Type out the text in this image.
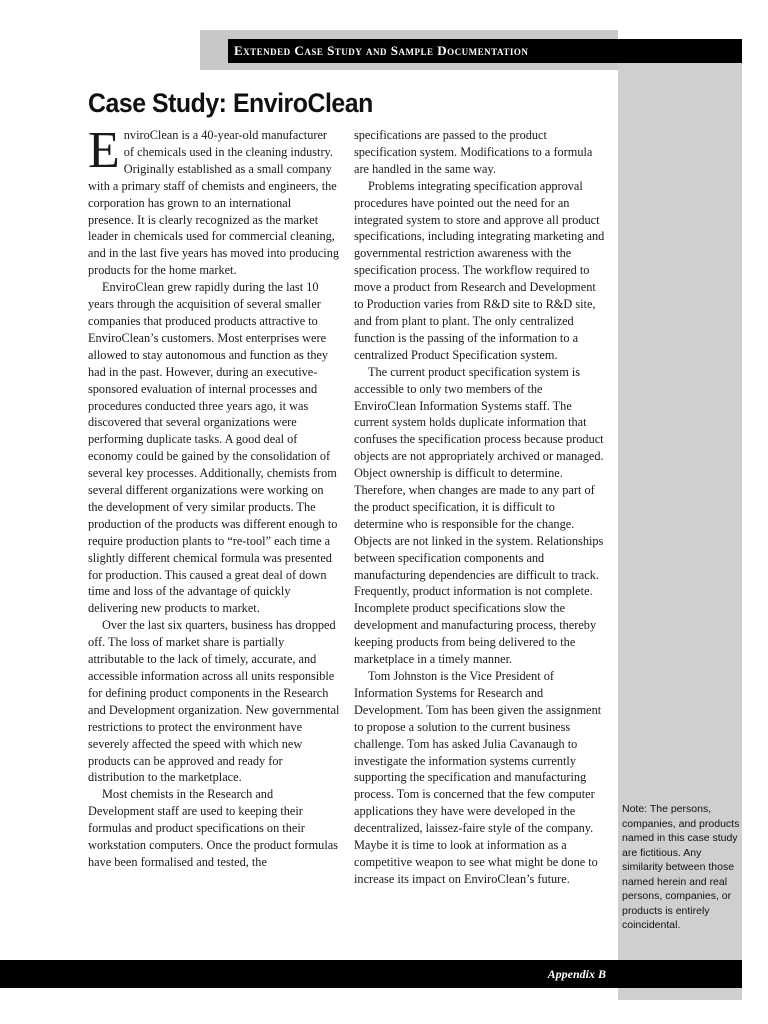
Extended Case Study and Sample Documentation
Note: The persons, companies, and products named in this case study are fictitious. Any similarity between those named herein and real persons, companies, or products is entirely coincidental.
Case Study: EnviroClean

EnviroClean is a 40-year-old manufacturer of chemicals used in the cleaning industry. Originally established as a small company with a primary staff of chemists and engineers, the corporation has grown to an international presence. It is clearly recognized as the market leader in chemicals used for commercial cleaning, and in the last five years has moved into producing products for the home market.

EnviroClean grew rapidly during the last 10 years through the acquisition of several smaller companies that produced products attractive to EnviroClean’s customers. Most enterprises were allowed to stay autonomous and function as they had in the past. However, during an executive-sponsored evaluation of internal processes and procedures conducted three years ago, it was discovered that several organizations were performing duplicate tasks. A good deal of economy could be gained by the consolidation of several key processes. Additionally, chemists from several different organizations were working on the development of very similar products. The production of the products was different enough to require production plants to “re-tool” each time a slightly different chemical formula was presented for production. This caused a great deal of down time and loss of the advantage of quickly delivering new products to market.

Over the last six quarters, business has dropped off. The loss of market share is partially attributable to the lack of timely, accurate, and accessible information across all units responsible for defining product components in the Research and Development organization. New governmental restrictions to protect the environment have severely affected the speed with which new products can be approved and ready for distribution to the marketplace.

Most chemists in the Research and Development staff are used to keeping their formulas and product specifications on their workstation computers. Once the product formulas have been formalised and tested, the

specifications are passed to the product specification system. Modifications to a formula are handled in the same way.

Problems integrating specification approval procedures have pointed out the need for an integrated system to store and approve all product specifications, including integrating marketing and governmental restriction awareness with the specification process. The workflow required to move a product from Research and Development to Production varies from R&D site to R&D site, and from plant to plant. The only centralized function is the passing of the information to a centralized Product Specification system.

The current product specification system is accessible to only two members of the EnviroClean Information Systems staff. The current system holds duplicate information that confuses the specification process because product objects are not appropriately archived or managed. Object ownership is difficult to determine. Therefore, when changes are made to any part of the product specification, it is difficult to determine who is responsible for the change. Objects are not linked in the system. Relationships between specification components and manufacturing dependencies are difficult to track. Frequently, product information is not complete. Incomplete product specifications slow the development and manufacturing process, thereby keeping products from being delivered to the marketplace in a timely manner.

Tom Johnston is the Vice President of Information Systems for Research and Development. Tom has been given the assignment to propose a solution to the current business challenge. Tom has asked Julia Cavanaugh to investigate the information systems currently supporting the specification and manufacturing process. Tom is concerned that the few computer applications they have were developed in the decentralized, laissez-faire style of the company. Maybe it is time to look at information as a competitive weapon to see what might be done to increase its impact on EnviroClean’s future.

Appendix B
